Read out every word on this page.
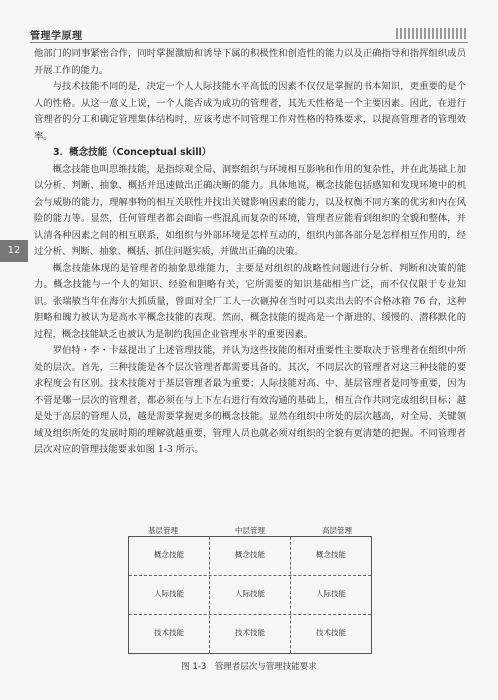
管理学原理
12

他部门的同事紧密合作，同时掌握激励和诱导下属的积极性和创造性的能力以及正确指导和指挥组织成员开展工作的能力。

与技术技能不同的是，决定一个人人际技能水平高低的因素不仅仅是掌握的书本知识，更重要的是个人的性格。从这一意义上说，一个人能否成为成功的管理者，其先天性格是一个主要因素。因此，在进行管理者的分工和确定管理集体结构时，应该考虑不同管理工作对性格的特殊要求，以提高管理者的管理效率。

3．概念技能（Conceptual skill）

概念技能也叫思维技能，是指综观全局、洞察组织与环境相互影响和作用的复杂性，并在此基础上加以分析、判断、抽象、概括并迅速做出正确决断的能力。具体地说，概念技能包括感知和发现环境中的机会与威胁的能力，理解事物的相互关联性并找出关键影响因素的能力，以及权衡不同方案的优劣和内在风险的能力等。显然，任何管理者都会面临一些混乱而复杂的环境，管理者应能看到组织的全貌和整体，并认清各种因素之间的相互联系，如组织与外部环境是怎样互动的，组织内部各部分是怎样相互作用的，经过分析、判断、抽象、概括、抓住问题实质，并做出正确的决策。

概念技能体现的是管理者的抽象思维能力，主要是对组织的战略性问题进行分析、判断和决策的能力。概念技能与一个人的知识、经验和胆略有关，它所需要的知识基础相当广泛，而不仅仅限于专业知识。张瑞敏当年在海尔大抓质量，曾面对全厂工人一次砸掉在当时可以卖出去的不合格冰箱 76 台，这种胆略和魄力被认为是高水平概念技能的表现。然而，概念技能的提高是一个渐进的、缓慢的、潜移默化的过程，概念技能缺乏也被认为是制约我国企业管理水平的重要因素。

罗伯特・李・卡兹提出了上述管理技能，并认为这些技能的相对重要性主要取决于管理者在组织中所处的层次。首先，三种技能是各个层次管理者都需要具备的。其次，不同层次的管理者对这三种技能的要求程度会有区别。技术技能对于基层管理者最为重要；人际技能对高、中、基层管理者是同等重要，因为不管是哪一层次的管理者，都必须在与上下左右进行有效沟通的基础上，相互合作共同完成组织目标；越是处于高层的管理人员，越是需要掌握更多的概念技能。显然在组织中所处的层次越高，对全局、关键领域及组织所处的发展时期的理解就越重要，管理人员也就必须对组织的全貌有更清楚的把握。不同管理者层次对应的管理技能要求如图 1-3 所示。

基层管理	中层管理	高层管理
概念技能	概念技能	概念技能
人际技能	人际技能	人际技能
技术技能	技术技能	技术技能
图 1-3　管理者层次与管理技能要求
